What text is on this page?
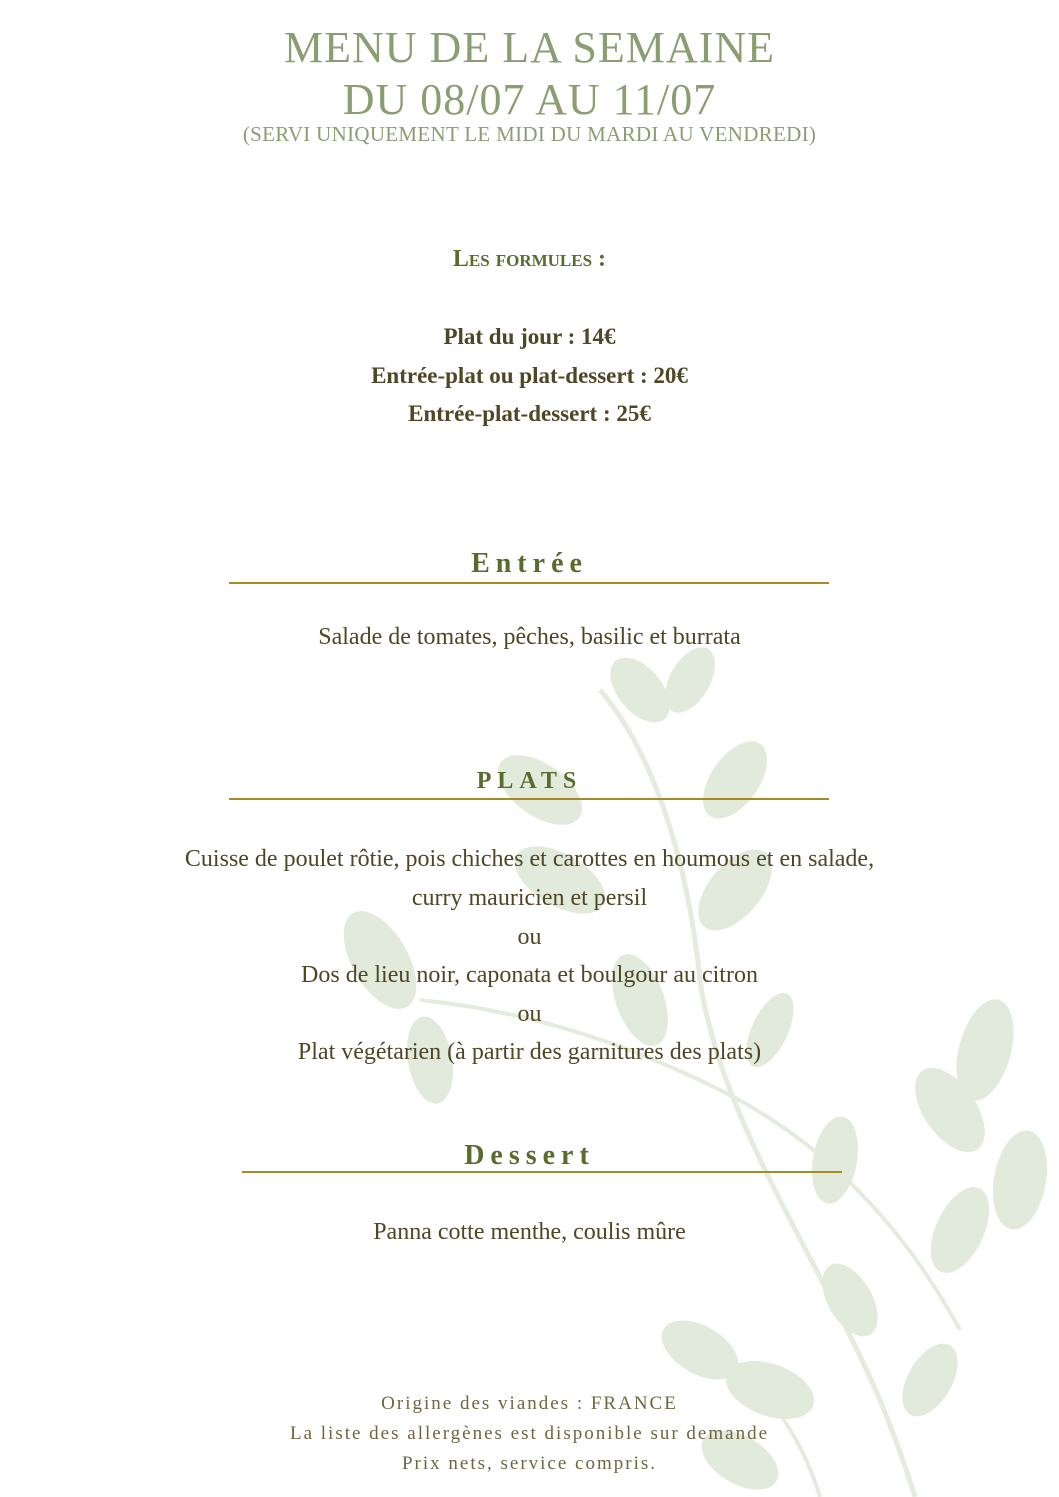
MENU DE LA SEMAINE
DU 08/07 AU 11/07
(SERVI UNIQUEMENT LE MIDI DU MARDI AU VENDREDI)
Les formules :
Plat du jour : 14€
Entrée-plat ou plat-dessert : 20€
Entrée-plat-dessert : 25€
Entrée
Salade de tomates, pêches, basilic et burrata
PLATS
Cuisse de poulet rôtie, pois chiches et carottes en houmous et en salade,
curry mauricien et persil
ou
Dos de lieu noir, caponata et boulgour au citron
ou
Plat végétarien (à partir des garnitures des plats)
Dessert
Panna cotte menthe, coulis mûre
Origine des viandes : FRANCE
La liste des allergènes est disponible sur demande
Prix nets, service compris.
